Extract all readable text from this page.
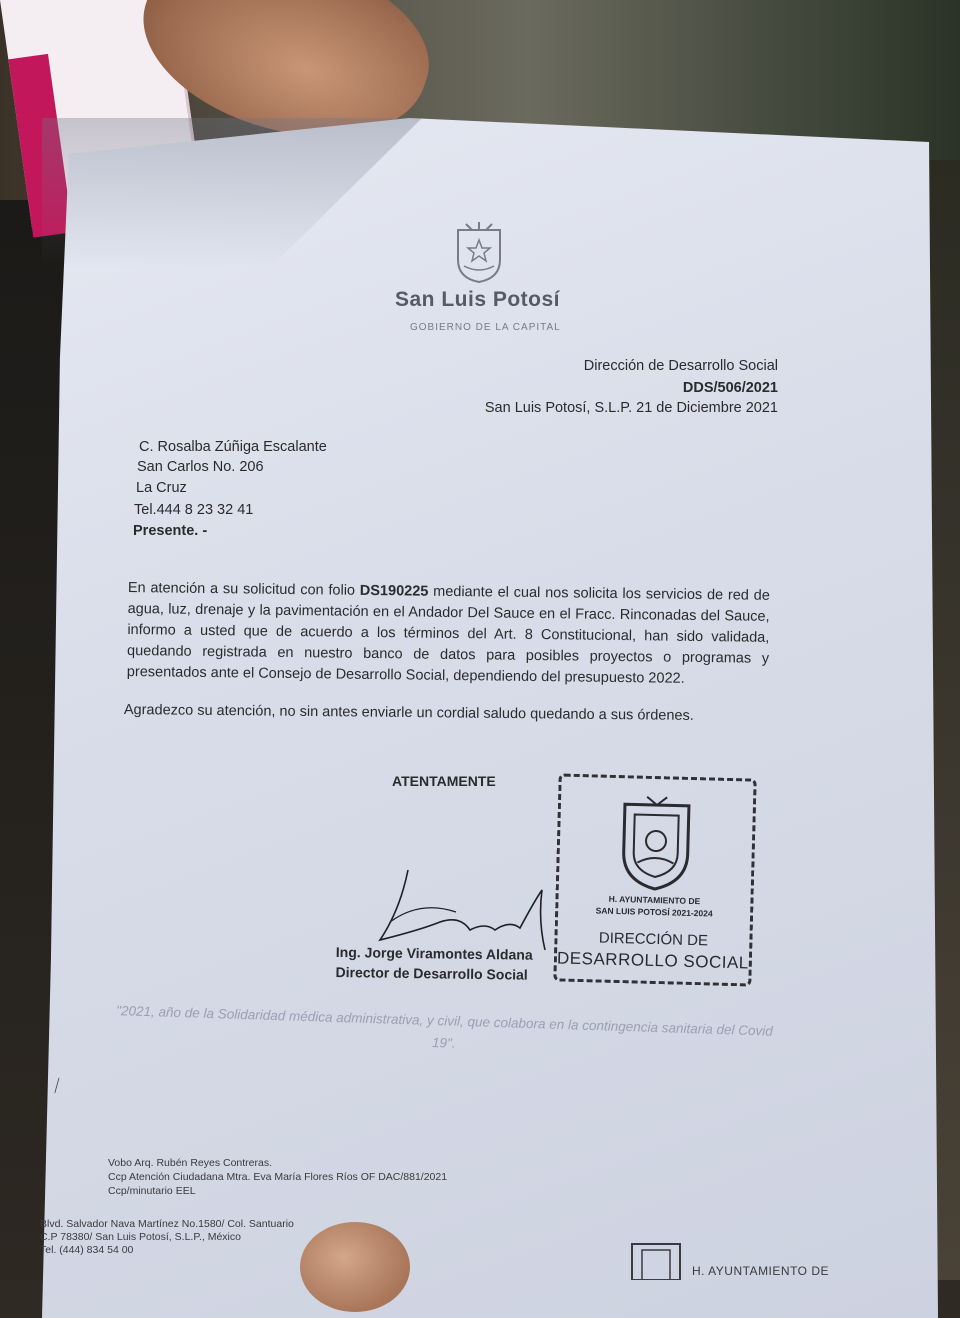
San Luis Potosí
GOBIERNO DE LA CAPITAL
Dirección de Desarrollo Social
DDS/506/2021
San Luis Potosí, S.L.P. 21 de Diciembre 2021
C. Rosalba Zúñiga Escalante
San Carlos No. 206
La Cruz
Tel.444 8 23 32 41
Presente. -
En atención a su solicitud con folio DS190225 mediante el cual nos solicita los servicios de red de agua, luz, drenaje y la pavimentación en el Andador Del Sauce en el Fracc. Rinconadas del Sauce, informo a usted que de acuerdo a los términos del Art. 8 Constitucional, han sido validada, quedando registrada en nuestro banco de datos para posibles proyectos o programas y presentados ante el Consejo de Desarrollo Social, dependiendo del presupuesto 2022.
Agradezco su atención, no sin antes enviarle un cordial saludo quedando a sus órdenes.
ATENTAMENTE
Ing. Jorge Viramontes Aldana
Director de Desarrollo Social
H. AYUNTAMIENTO DE
SAN LUIS POTOSÍ 2021-2024
DIRECCIÓN DE
DESARROLLO SOCIAL
"2021, año de la Solidaridad médica administrativa, y civil, que colabora en la contingencia sanitaria del Covid 19".
⟋
Vobo Arq. Rubén Reyes Contreras.
Ccp Atención Ciudadana Mtra. Eva María Flores Ríos OF DAC/881/2021
Ccp/minutario EEL
Blvd. Salvador Nava Martínez No.1580/ Col. Santuario
C.P 78380/ San Luis Potosí, S.L.P., México
Tel. (444) 834 54 00
H. AYUNTAMIENTO DE
